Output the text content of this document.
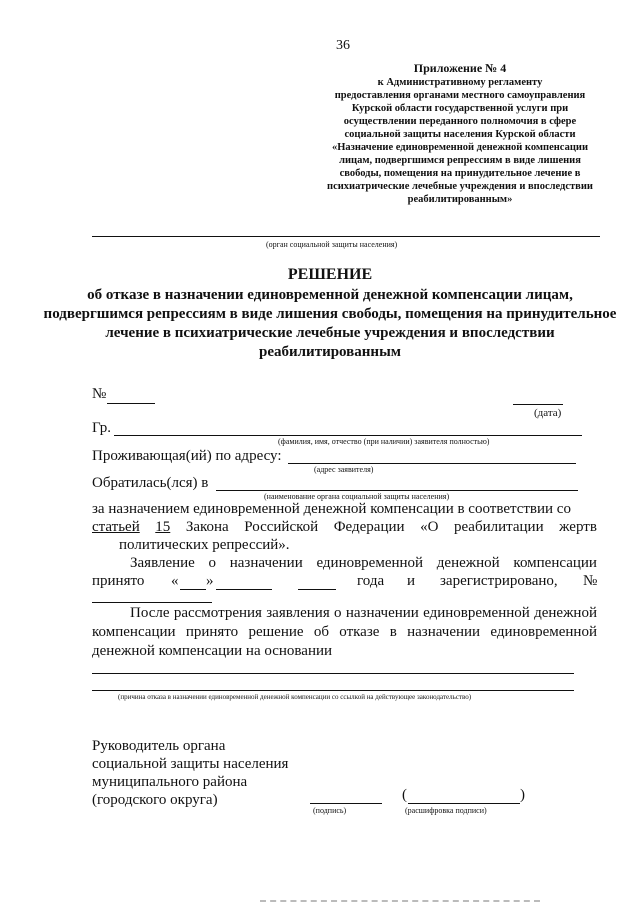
36
Приложение № 4
к Административному регламенту
предоставления органами местного самоуправления
Курской области государственной услуги при
осуществлении переданного полномочия в сфере
социальной защиты населения Курской области
«Назначение единовременной денежной компенсации
лицам, подвергшимся репрессиям в виде лишения
свободы, помещения на принудительное лечение в
психиатрические лечебные учреждения и впоследствии
реабилитированным»
(орган социальной защиты населения)
РЕШЕНИЕ
об отказе в назначении единовременной денежной компенсации лицам, подвергшимся репрессиям в виде лишения свободы, помещения на принудительное лечение в психиатрические лечебные учреждения и впоследствии реабилитированным
№
(дата)
Гр.
(фамилия, имя, отчество (при наличии) заявителя полностью)
Проживающая(ий) по адресу:
(адрес заявителя)
Обратилась(лся) в
(наименование органа социальной защиты населения)
за назначением единовременной денежной компенсации в соответствии со
статьей 15 Закона Российской Федерации «О реабилитации жертв
политических репрессий».
Заявление о назначении единовременной денежной компенсации
принято « »	года и зарегистрировано, №
После рассмотрения заявления о назначении единовременной денежной компенсации принято решение об отказе в назначении единовременной денежной компенсации на основании
(причина отказа в назначении единовременной денежной компенсации со ссылкой на действующее законодательство)
Руководитель органа
социальной защиты населения
муниципального района
(городского округа)
(подпись)
(	)
(расшифровка подписи)
